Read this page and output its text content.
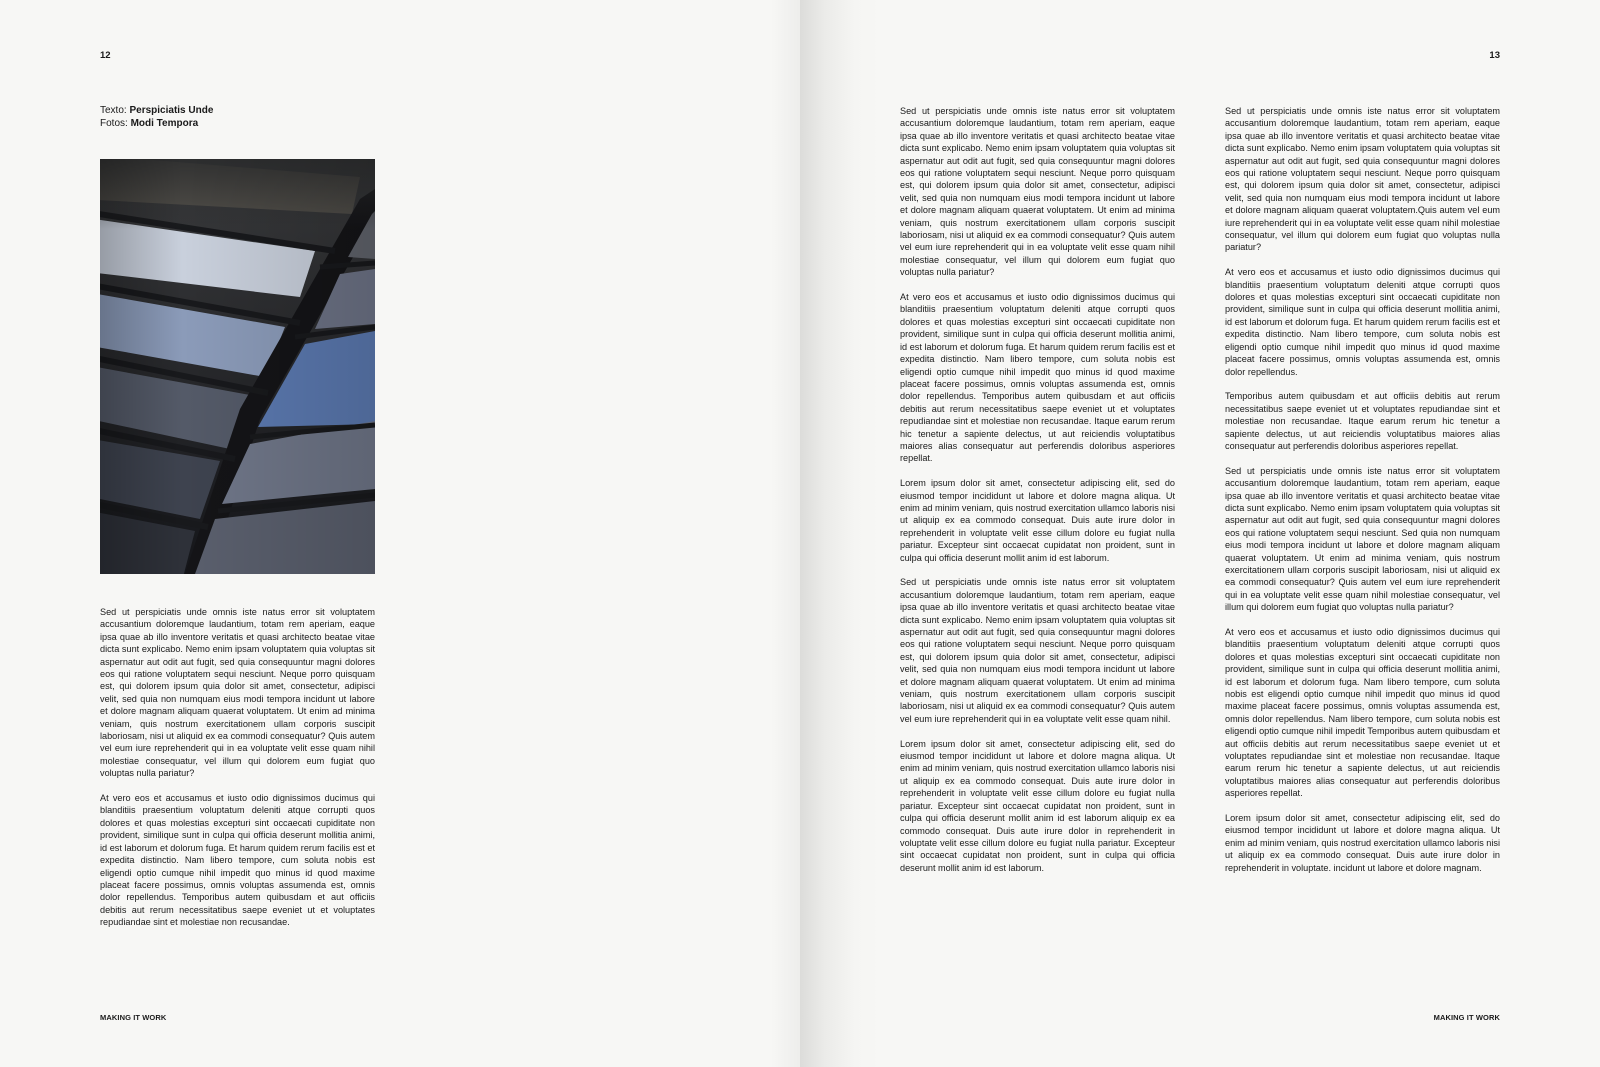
12
Texto: Perspiciatis Unde
Fotos: Modi Tempora

Sed ut perspiciatis unde omnis iste natus error sit voluptatem accusantium doloremque laudantium, totam rem aperiam, eaque ipsa quae ab illo inventore veritatis et quasi architecto beatae vitae dicta sunt explicabo. Nemo enim ipsam voluptatem quia voluptas sit aspernatur aut odit aut fugit, sed quia consequuntur magni dolores eos qui ratione voluptatem sequi nesciunt. Neque porro quisquam est, qui dolorem ipsum quia dolor sit amet, consectetur, adipisci velit, sed quia non numquam eius modi tempora incidunt ut labore et dolore magnam aliquam quaerat voluptatem. Ut enim ad minima veniam, quis nostrum exercitationem ullam corporis suscipit laboriosam, nisi ut aliquid ex ea commodi consequatur? Quis autem vel eum iure reprehenderit qui in ea voluptate velit esse quam nihil molestiae consequatur, vel illum qui dolorem eum fugiat quo voluptas nulla pariatur?

At vero eos et accusamus et iusto odio dignissimos ducimus qui blanditiis praesentium voluptatum deleniti atque corrupti quos dolores et quas molestias excepturi sint occaecati cupiditate non provident, similique sunt in culpa qui officia deserunt mollitia animi, id est laborum et dolorum fuga. Et harum quidem rerum facilis est et expedita distinctio. Nam libero tempore, cum soluta nobis est eligendi optio cumque nihil impedit quo minus id quod maxime placeat facere possimus, omnis voluptas assumenda est, omnis dolor repellendus. Temporibus autem quibusdam et aut officiis debitis aut rerum necessitatibus saepe eveniet ut et voluptates repudiandae sint et molestiae non recusandae.

MAKING IT WORK
13

Sed ut perspiciatis unde omnis iste natus error sit voluptatem accusantium doloremque laudantium, totam rem aperiam, eaque ipsa quae ab illo inventore veritatis et quasi architecto beatae vitae dicta sunt explicabo. Nemo enim ipsam voluptatem quia voluptas sit aspernatur aut odit aut fugit, sed quia consequuntur magni dolores eos qui ratione voluptatem sequi nesciunt. Neque porro quisquam est, qui dolorem ipsum quia dolor sit amet, consectetur, adipisci velit, sed quia non numquam eius modi tempora incidunt ut labore et dolore magnam aliquam quaerat voluptatem. Ut enim ad minima veniam, quis nostrum exercitationem ullam corporis suscipit laboriosam, nisi ut aliquid ex ea commodi consequatur? Quis autem vel eum iure reprehenderit qui in ea voluptate velit esse quam nihil molestiae consequatur, vel illum qui dolorem eum fugiat quo voluptas nulla pariatur?

At vero eos et accusamus et iusto odio dignissimos ducimus qui blanditiis praesentium voluptatum deleniti atque corrupti quos dolores et quas molestias excepturi sint occaecati cupiditate non provident, similique sunt in culpa qui officia deserunt mollitia animi, id est laborum et dolorum fuga. Et harum quidem rerum facilis est et expedita distinctio. Nam libero tempore, cum soluta nobis est eligendi optio cumque nihil impedit quo minus id quod maxime placeat facere possimus, omnis voluptas assumenda est, omnis dolor repellendus. Temporibus autem quibusdam et aut officiis debitis aut rerum necessitatibus saepe eveniet ut et voluptates repudiandae sint et molestiae non recusandae. Itaque earum rerum hic tenetur a sapiente delectus, ut aut reiciendis voluptatibus maiores alias consequatur aut perferendis doloribus asperiores repellat.

Lorem ipsum dolor sit amet, consectetur adipiscing elit, sed do eiusmod tempor incididunt ut labore et dolore magna aliqua. Ut enim ad minim veniam, quis nostrud exercitation ullamco laboris nisi ut aliquip ex ea commodo consequat. Duis aute irure dolor in reprehenderit in voluptate velit esse cillum dolore eu fugiat nulla pariatur. Excepteur sint occaecat cupidatat non proident, sunt in culpa qui officia deserunt mollit anim id est laborum.

Sed ut perspiciatis unde omnis iste natus error sit voluptatem accusantium doloremque laudantium, totam rem aperiam, eaque ipsa quae ab illo inventore veritatis et quasi architecto beatae vitae dicta sunt explicabo. Nemo enim ipsam voluptatem quia voluptas sit aspernatur aut odit aut fugit, sed quia consequuntur magni dolores eos qui ratione voluptatem sequi nesciunt. Neque porro quisquam est, qui dolorem ipsum quia dolor sit amet, consectetur, adipisci velit, sed quia non numquam eius modi tempora incidunt ut labore et dolore magnam aliquam quaerat voluptatem. Ut enim ad minima veniam, quis nostrum exercitationem ullam corporis suscipit laboriosam, nisi ut aliquid ex ea commodi consequatur? Quis autem vel eum iure reprehenderit qui in ea voluptate velit esse quam nihil.

Lorem ipsum dolor sit amet, consectetur adipiscing elit, sed do eiusmod tempor incididunt ut labore et dolore magna aliqua. Ut enim ad minim veniam, quis nostrud exercitation ullamco laboris nisi ut aliquip ex ea commodo consequat. Duis aute irure dolor in reprehenderit in voluptate velit esse cillum dolore eu fugiat nulla pariatur. Excepteur sint occaecat cupidatat non proident, sunt in culpa qui officia deserunt mollit anim id est laborum aliquip ex ea commodo consequat. Duis aute irure dolor in reprehenderit in voluptate velit esse cillum dolore eu fugiat nulla pariatur. Excepteur sint occaecat cupidatat non proident, sunt in culpa qui officia deserunt mollit anim id est laborum.

Sed ut perspiciatis unde omnis iste natus error sit voluptatem accusantium doloremque laudantium, totam rem aperiam, eaque ipsa quae ab illo inventore veritatis et quasi architecto beatae vitae dicta sunt explicabo. Nemo enim ipsam voluptatem quia voluptas sit aspernatur aut odit aut fugit, sed quia consequuntur magni dolores eos qui ratione voluptatem sequi nesciunt. Neque porro quisquam est, qui dolorem ipsum quia dolor sit amet, consectetur, adipisci velit, sed quia non numquam eius modi tempora incidunt ut labore et dolore magnam aliquam quaerat voluptatem.Quis autem vel eum iure reprehenderit qui in ea voluptate velit esse quam nihil molestiae consequatur, vel illum qui dolorem eum fugiat quo voluptas nulla pariatur?

At vero eos et accusamus et iusto odio dignissimos ducimus qui blanditiis praesentium voluptatum deleniti atque corrupti quos dolores et quas molestias excepturi sint occaecati cupiditate non provident, similique sunt in culpa qui officia deserunt mollitia animi, id est laborum et dolorum fuga. Et harum quidem rerum facilis est et expedita distinctio. Nam libero tempore, cum soluta nobis est eligendi optio cumque nihil impedit quo minus id quod maxime placeat facere possimus, omnis voluptas assumenda est, omnis dolor repellendus.

Temporibus autem quibusdam et aut officiis debitis aut rerum necessitatibus saepe eveniet ut et voluptates repudiandae sint et molestiae non recusandae. Itaque earum rerum hic tenetur a sapiente delectus, ut aut reiciendis voluptatibus maiores alias consequatur aut perferendis doloribus asperiores repellat.

Sed ut perspiciatis unde omnis iste natus error sit voluptatem accusantium doloremque laudantium, totam rem aperiam, eaque ipsa quae ab illo inventore veritatis et quasi architecto beatae vitae dicta sunt explicabo. Nemo enim ipsam voluptatem quia voluptas sit aspernatur aut odit aut fugit, sed quia consequuntur magni dolores eos qui ratione voluptatem sequi nesciunt. Sed quia non numquam eius modi tempora incidunt ut labore et dolore magnam aliquam quaerat voluptatem. Ut enim ad minima veniam, quis nostrum exercitationem ullam corporis suscipit laboriosam, nisi ut aliquid ex ea commodi consequatur? Quis autem vel eum iure reprehenderit qui in ea voluptate velit esse quam nihil molestiae consequatur, vel illum qui dolorem eum fugiat quo voluptas nulla pariatur?

At vero eos et accusamus et iusto odio dignissimos ducimus qui blanditiis praesentium voluptatum deleniti atque corrupti quos dolores et quas molestias excepturi sint occaecati cupiditate non provident, similique sunt in culpa qui officia deserunt mollitia animi, id est laborum et dolorum fuga. Nam libero tempore, cum soluta nobis est eligendi optio cumque nihil impedit quo minus id quod maxime placeat facere possimus, omnis voluptas assumenda est, omnis dolor repellendus. Nam libero tempore, cum soluta nobis est eligendi optio cumque nihil impedit Temporibus autem quibusdam et aut officiis debitis aut rerum necessitatibus saepe eveniet ut et voluptates repudiandae sint et molestiae non recusandae. Itaque earum rerum hic tenetur a sapiente delectus, ut aut reiciendis voluptatibus maiores alias consequatur aut perferendis doloribus asperiores repellat.

Lorem ipsum dolor sit amet, consectetur adipiscing elit, sed do eiusmod tempor incididunt ut labore et dolore magna aliqua. Ut enim ad minim veniam, quis nostrud exercitation ullamco laboris nisi ut aliquip ex ea commodo consequat. Duis aute irure dolor in reprehenderit in voluptate. incidunt ut labore et dolore magnam.

MAKING IT WORK
